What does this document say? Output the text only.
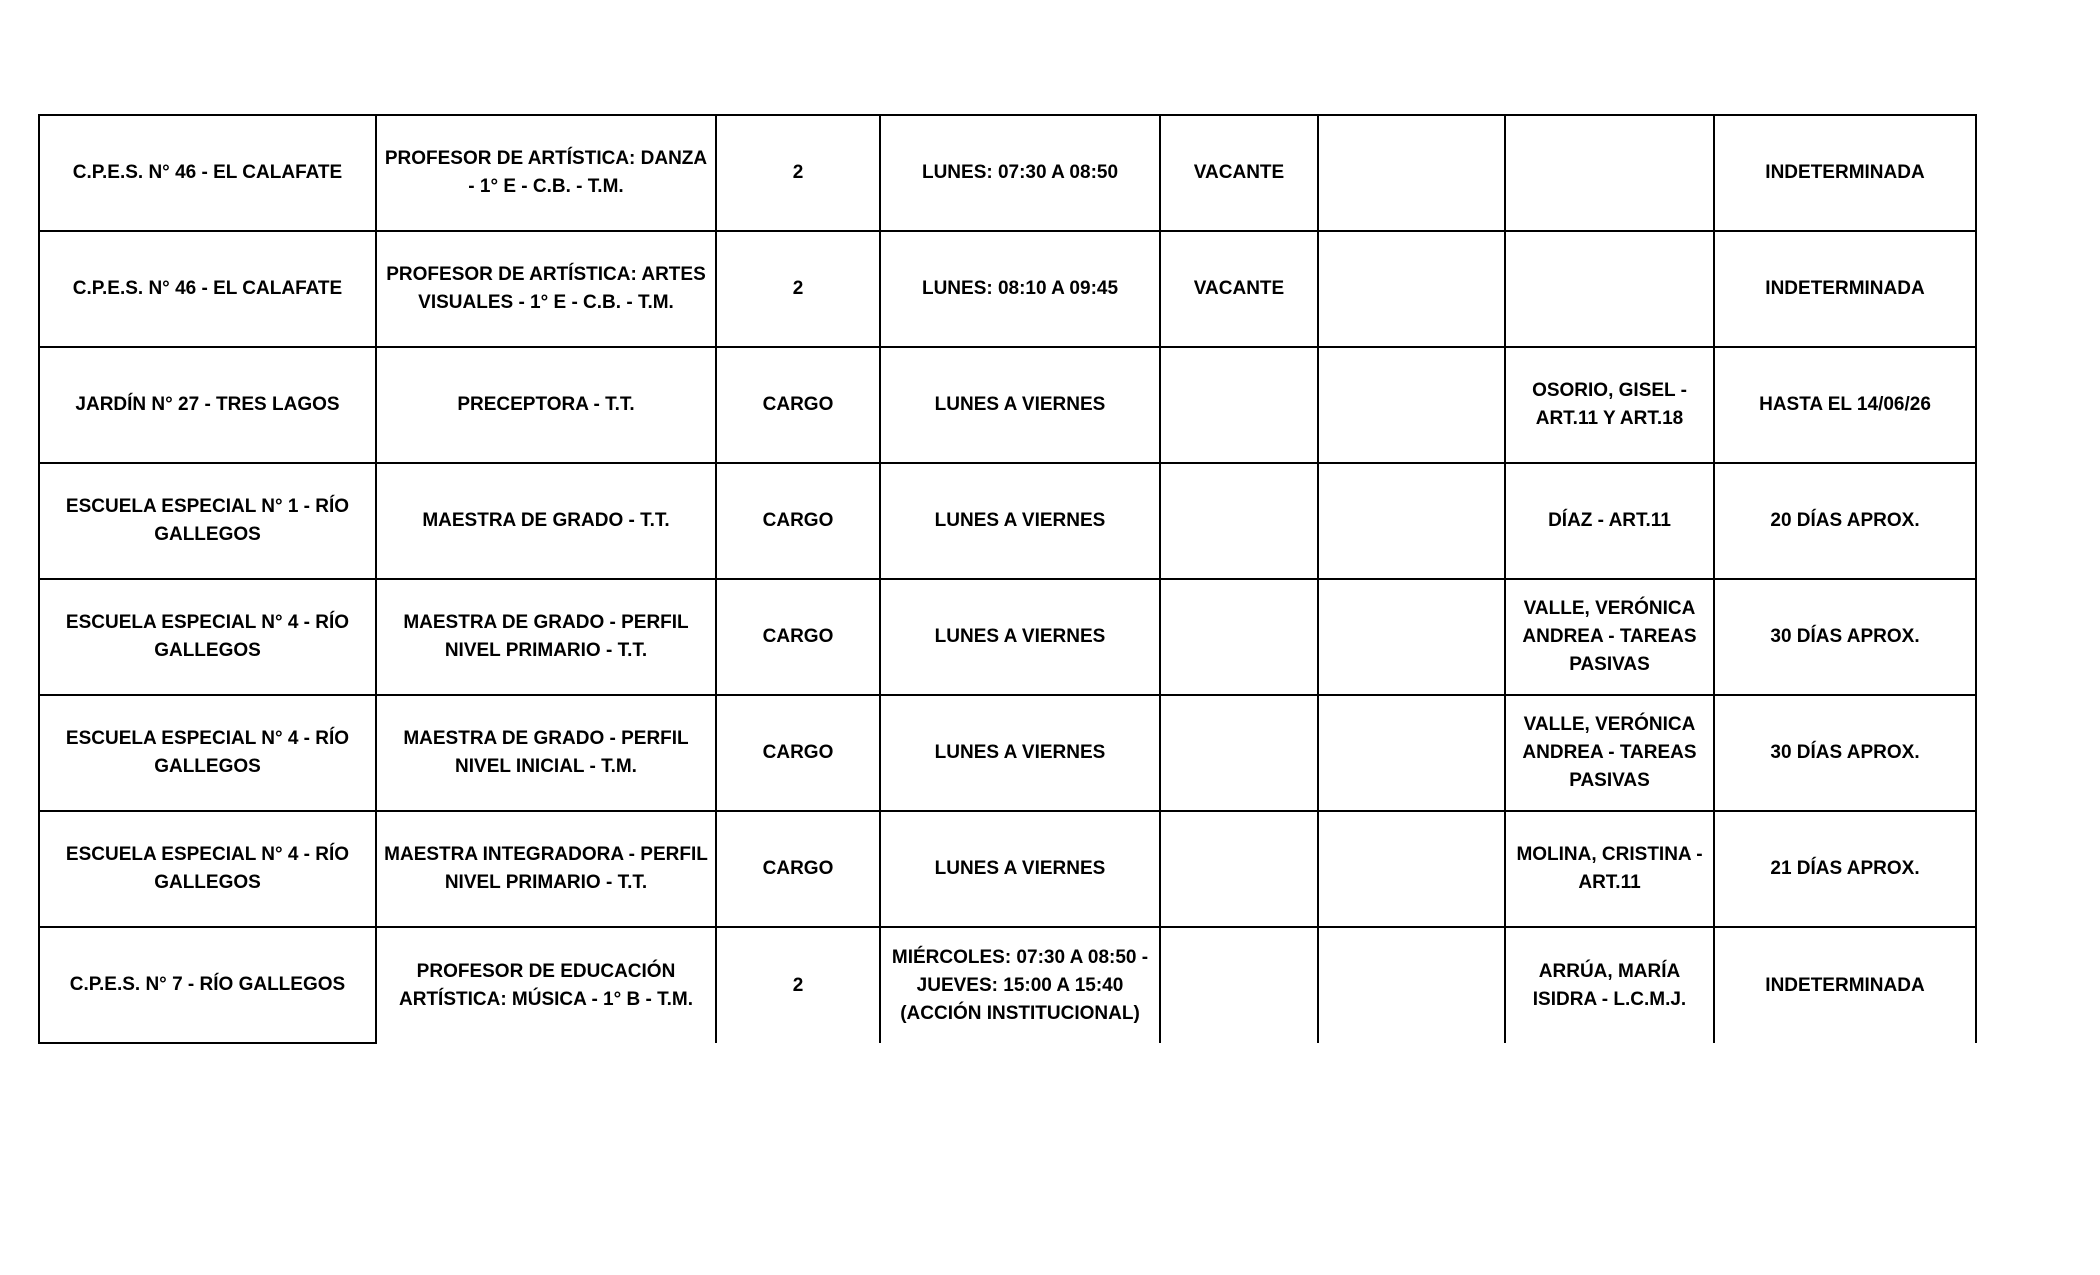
C.P.E.S. N° 46 - EL CALAFATE	PROFESOR DE ARTÍSTICA: DANZA - 1° E - C.B. - T.M.	2	LUNES: 07:30 A 08:50	VACANTE			INDETERMINADA
C.P.E.S. N° 46 - EL CALAFATE	PROFESOR DE ARTÍSTICA: ARTES VISUALES - 1° E - C.B. - T.M.	2	LUNES: 08:10 A 09:45	VACANTE			INDETERMINADA
JARDÍN N° 27 - TRES LAGOS	PRECEPTORA - T.T.	CARGO	LUNES A VIERNES			OSORIO, GISEL - ART.11 Y ART.18	HASTA EL 14/06/26
ESCUELA ESPECIAL N° 1 - RÍO GALLEGOS	MAESTRA DE GRADO - T.T.	CARGO	LUNES A VIERNES			DÍAZ - ART.11	20 DÍAS APROX.
ESCUELA ESPECIAL N° 4 - RÍO GALLEGOS	MAESTRA DE GRADO - PERFIL NIVEL PRIMARIO - T.T.	CARGO	LUNES A VIERNES			VALLE, VERÓNICA ANDREA - TAREAS PASIVAS	30 DÍAS APROX.
ESCUELA ESPECIAL N° 4 - RÍO GALLEGOS	MAESTRA DE GRADO - PERFIL NIVEL INICIAL - T.M.	CARGO	LUNES A VIERNES			VALLE, VERÓNICA ANDREA - TAREAS PASIVAS	30 DÍAS APROX.
ESCUELA ESPECIAL N° 4 - RÍO GALLEGOS	MAESTRA INTEGRADORA - PERFIL NIVEL PRIMARIO - T.T.	CARGO	LUNES A VIERNES			MOLINA, CRISTINA - ART.11	21 DÍAS APROX.
C.P.E.S. N° 7 - RÍO GALLEGOS	PROFESOR DE EDUCACIÓN ARTÍSTICA: MÚSICA - 1° B - T.M.	2	MIÉRCOLES: 07:30 A 08:50 - JUEVES: 15:00 A 15:40 (ACCIÓN INSTITUCIONAL)			ARRÚA, MARÍA ISIDRA - L.C.M.J.	INDETERMINADA
